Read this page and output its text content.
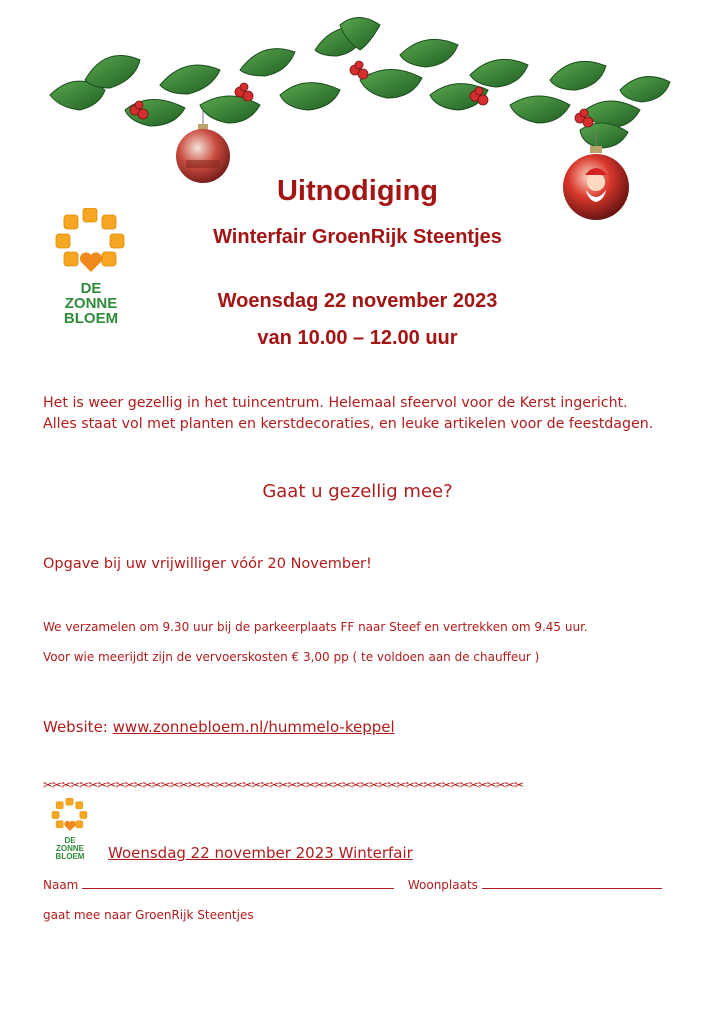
DE
ZONNE
BLOEM
Uitnodiging
Winterfair GroenRijk Steentjes
Woensdag 22 november 2023
van 10.00 – 12.00 uur
Het is weer gezellig in het tuincentrum. Helemaal sfeervol voor de Kerst ingericht.
Alles staat vol met planten en kerstdecoraties, en leuke artikelen voor de feestdagen.
Gaat u gezellig mee?
Opgave bij uw vrijwilliger vóór 20 November!
We verzamelen om 9.30 uur bij de parkeerplaats FF naar Steef en vertrekken om 9.45 uur.
Voor wie meerijdt zijn de vervoerskosten € 3,00 pp ( te voldoen aan de chauffeur )
Website: www.zonnebloem.nl/hummelo-keppel
✂✂✂✂✂✂✂✂✂✂✂✂✂✂✂✂✂✂✂✂✂✂✂✂✂✂✂✂✂✂✂✂✂✂✂✂✂✂✂✂✂✂✂✂✂✂✂✂✂✂✂✂✂
DE
ZONNE
BLOEM	Woensdag 22 november 2023 Winterfair
Naam	Woonplaats
gaat mee naar GroenRijk Steentjes
